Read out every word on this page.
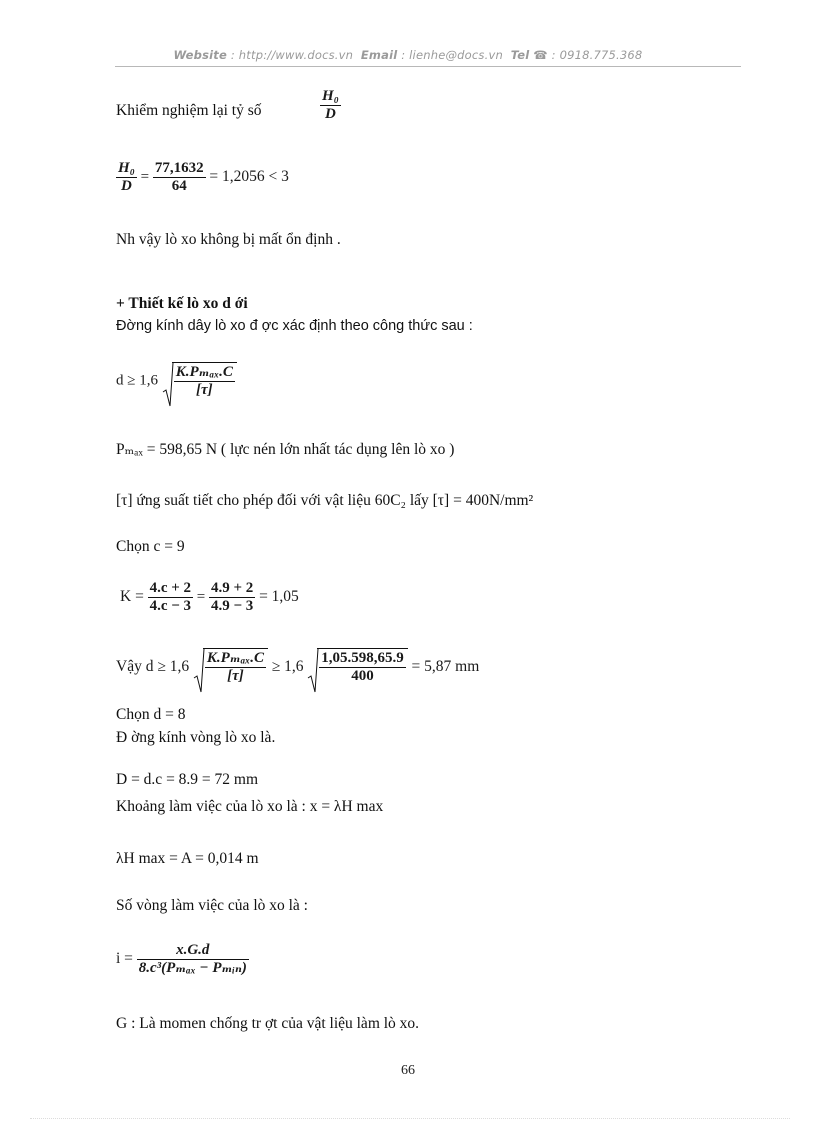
Website : http://www.docs.vn Email : lienhe@docs.vn Tel ☎ : 0918.775.368
Khiểm nghiệm lại tỷ số	$\frac{\text{H₀}}{D}$
$\frac{\text{H₀}}{D} = \frac{77,1632}{64} = 1,2056 < 3$
Nh vậy lò xo không bị mất ổn định .
+ Thiết kế lò xo d ới
Đờng kính dây lò xo đ ợc xác định theo công thức sau :
$d \ge 1,6 \frac{\text{K.Pₘₐₓ.C}}{[\tau]}$
Pₘₐₓ = 598,65 N ( lực nén lớn nhất tác dụng lên lò xo )
[τ] ứng suất tiết cho phép đối với vật liệu 60C₂ lấy [τ] = 400N/mm²
Chọn c = 9
$K = \frac{4.c + 2}{4.c - 3} = \frac{4.9 + 2}{4.9 - 3} = 1,05$
Vậy $d \ge 1,6 \frac{\text{K.Pₘₐₓ.C}}{[\tau]} \ge 1,6 \frac{1,05.598,65.9}{400} = 5,87$ mm
Chọn d = 8
Đ ờng kính vòng lò xo là.
D = d.c = 8.9 = 72 mm
Khoảng làm việc của lò xo là : x = λH max
λH max = A = 0,014 m
Số vòng làm việc của lò xo là :
$i = \frac{x.G.d}{\text{8.c³(Pₘₐₓ − Pₘᵢₙ)}}$
G : Là momen chống tr ợt của vật liệu làm lò xo.
66
